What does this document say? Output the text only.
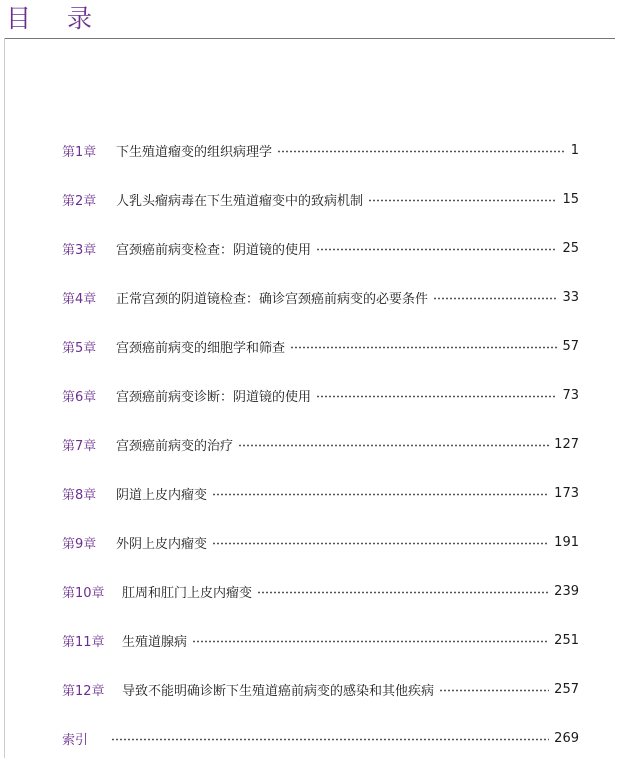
目 录
第1章	下生殖道瘤变的组织病理学	1
第2章	人乳头瘤病毒在下生殖道瘤变中的致病机制	15
第3章	宫颈癌前病变检查：阴道镜的使用	25
第4章	正常宫颈的阴道镜检查：确诊宫颈癌前病变的必要条件	33
第5章	宫颈癌前病变的细胞学和筛查	57
第6章	宫颈癌前病变诊断：阴道镜的使用	73
第7章	宫颈癌前病变的治疗	127
第8章	阴道上皮内瘤变	173
第9章	外阴上皮内瘤变	191
第10章	肛周和肛门上皮内瘤变	239
第11章	生殖道腺病	251
第12章	导致不能明确诊断下生殖道癌前病变的感染和其他疾病	257
索引	269
